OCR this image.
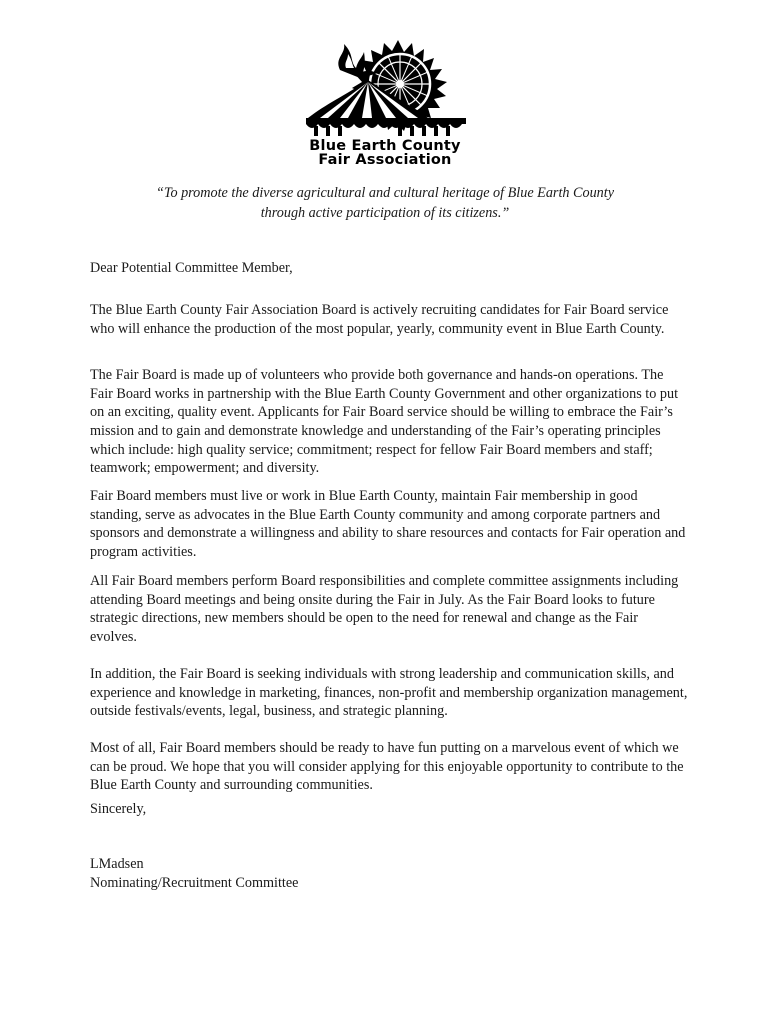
Blue Earth County
Fair Association
“To promote the diverse agricultural and cultural heritage of Blue Earth County
through active participation of its citizens.”
Dear Potential Committee Member,

The Blue Earth County Fair Association Board is actively recruiting candidates for Fair Board service who will enhance the production of the most popular, yearly, community event in Blue Earth County.

The Fair Board is made up of volunteers who provide both governance and hands-on operations. The Fair Board works in partnership with the Blue Earth County Government and other organizations to put on an exciting, quality event. Applicants for Fair Board service should be willing to embrace the Fair’s mission and to gain and demonstrate knowledge and understanding of the Fair’s operating principles which include: high quality service; commitment; respect for fellow Fair Board members and staff; teamwork; empowerment; and diversity.

Fair Board members must live or work in Blue Earth County, maintain Fair membership in good standing, serve as advocates in the Blue Earth County community and among corporate partners and sponsors and demonstrate a willingness and ability to share resources and contacts for Fair operation and program activities.

All Fair Board members perform Board responsibilities and complete committee assignments including attending Board meetings and being onsite during the Fair in July. As the Fair Board looks to future strategic directions, new members should be open to the need for renewal and change as the Fair evolves.

In addition, the Fair Board is seeking individuals with strong leadership and communication skills, and experience and knowledge in marketing, finances, non-profit and membership organization management, outside festivals/events, legal, business, and strategic planning.

Most of all, Fair Board members should be ready to have fun putting on a marvelous event of which we can be proud. We hope that you will consider applying for this enjoyable opportunity to contribute to the Blue Earth County and surrounding communities.

Sincerely,
LMadsen
Nominating/Recruitment Committee
